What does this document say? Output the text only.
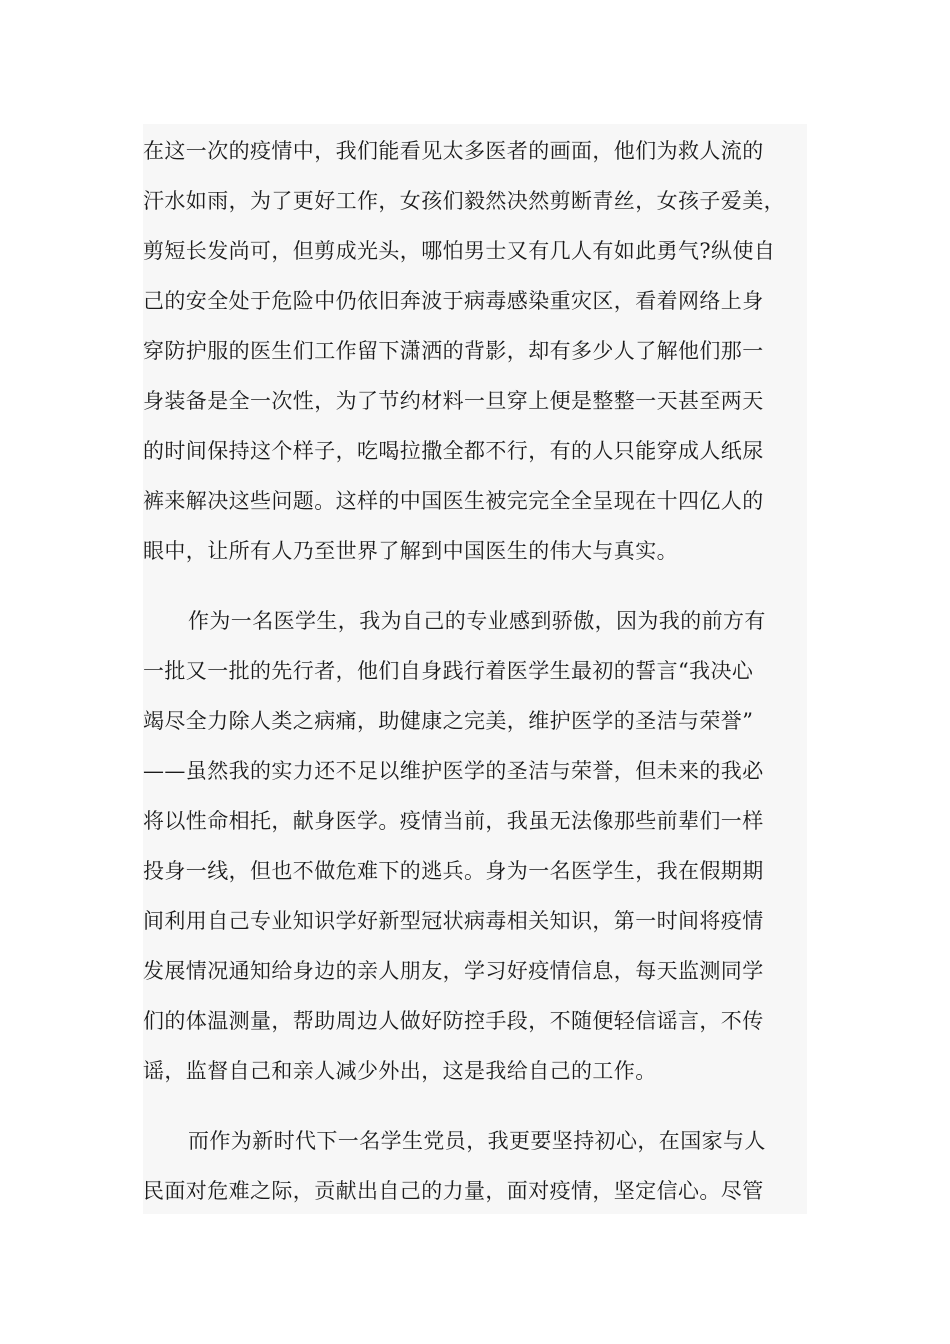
在这一次的疫情中，我们能看见太多医者的画面，他们为救人流的
汗水如雨，为了更好工作，女孩们毅然决然剪断青丝，女孩子爱美，
剪短长发尚可，但剪成光头，哪怕男士又有几人有如此勇气?纵使自
己的安全处于危险中仍依旧奔波于病毒感染重灾区，看着网络上身
穿防护服的医生们工作留下潇洒的背影，却有多少人了解他们那一
身装备是全一次性，为了节约材料一旦穿上便是整整一天甚至两天
的时间保持这个样子，吃喝拉撒全都不行，有的人只能穿成人纸尿
裤来解决这些问题。这样的中国医生被完完全全呈现在十四亿人的
眼中，让所有人乃至世界了解到中国医生的伟大与真实。
作为一名医学生，我为自己的专业感到骄傲，因为我的前方有
一批又一批的先行者，他们自身践行着医学生最初的誓言“我决心
竭尽全力除人类之病痛，助健康之完美，维护医学的圣洁与荣誉”
——虽然我的实力还不足以维护医学的圣洁与荣誉，但未来的我必
将以性命相托，献身医学。疫情当前，我虽无法像那些前辈们一样
投身一线，但也不做危难下的逃兵。身为一名医学生，我在假期期
间利用自己专业知识学好新型冠状病毒相关知识，第一时间将疫情
发展情况通知给身边的亲人朋友，学习好疫情信息，每天监测同学
们的体温测量，帮助周边人做好防控手段，不随便轻信谣言，不传
谣，监督自己和亲人减少外出，这是我给自己的工作。
而作为新时代下一名学生党员，我更要坚持初心，在国家与人
民面对危难之际，贡献出自己的力量，面对疫情，坚定信心。尽管
